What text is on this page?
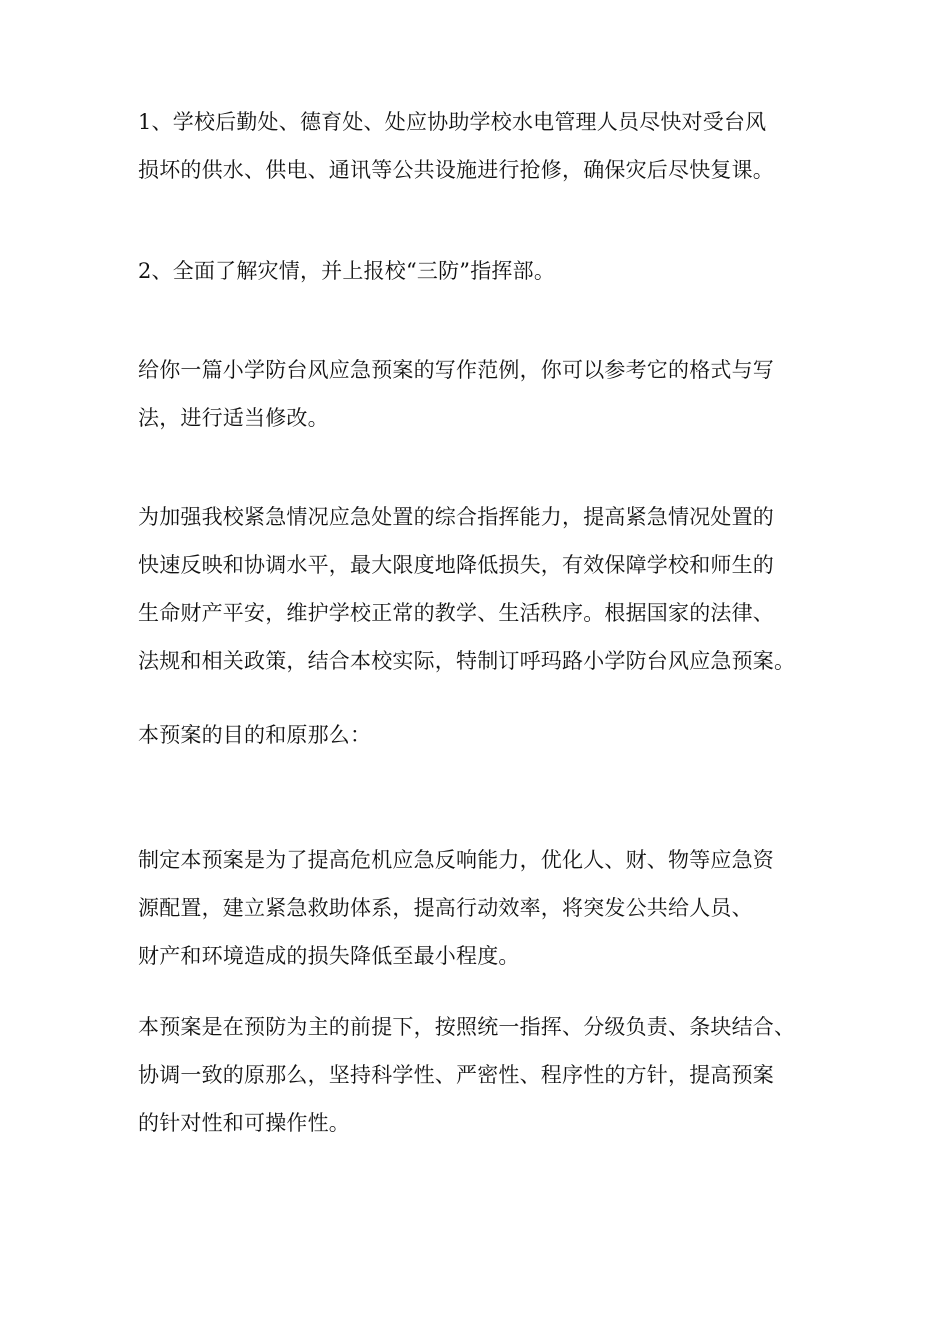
1、学校后勤处、德育处、处应协助学校水电管理人员尽快对受台风
损坏的供水、供电、通讯等公共设施进行抢修，确保灾后尽快复课。
2、全面了解灾情，并上报校“三防”指挥部。
给你一篇小学防台风应急预案的写作范例，你可以参考它的格式与写
法，进行适当修改。
为加强我校紧急情况应急处置的综合指挥能力，提高紧急情况处置的
快速反映和协调水平，最大限度地降低损失，有效保障学校和师生的
生命财产平安，维护学校正常的教学、生活秩序。根据国家的法律、
法规和相关政策，结合本校实际，特制订呼玛路小学防台风应急预案。
本预案的目的和原那么：
制定本预案是为了提高危机应急反响能力，优化人、财、物等应急资
源配置，建立紧急救助体系，提高行动效率，将突发公共给人员、
财产和环境造成的损失降低至最小程度。
本预案是在预防为主的前提下，按照统一指挥、分级负责、条块结合、
协调一致的原那么，坚持科学性、严密性、程序性的方针，提高预案
的针对性和可操作性。
